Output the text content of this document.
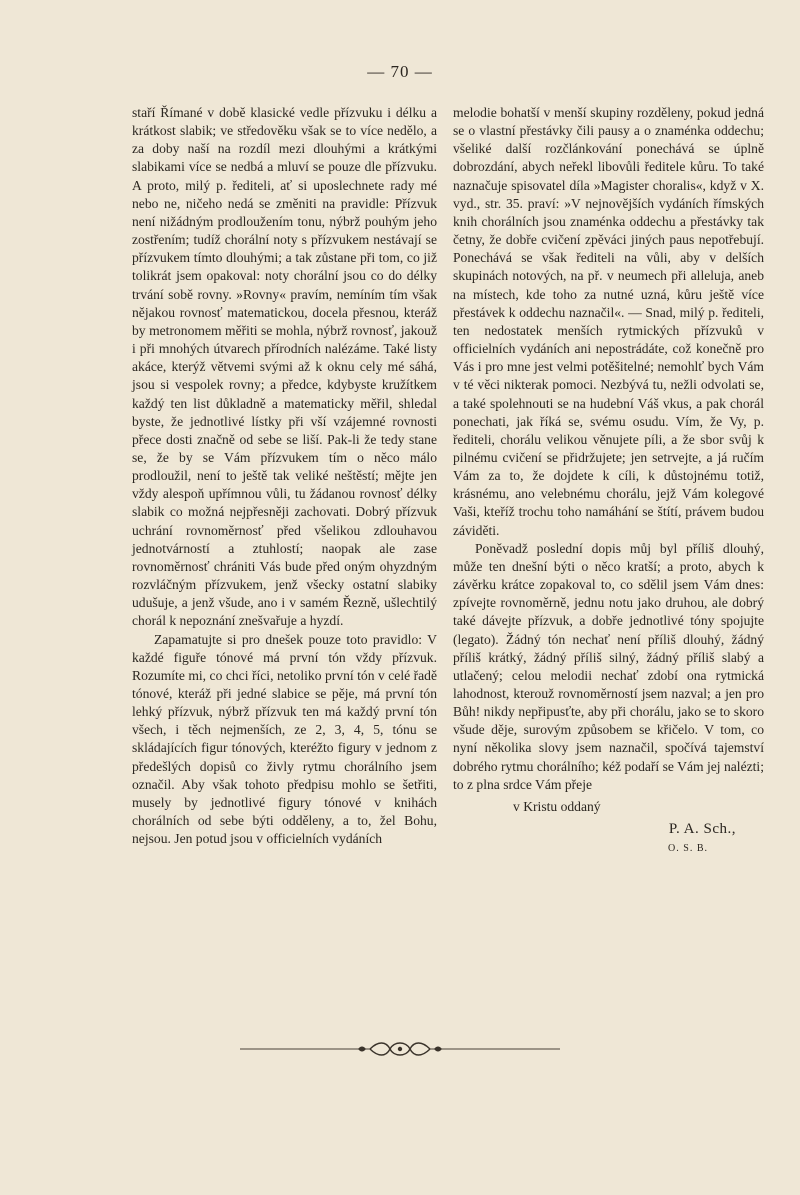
— 70 —

staří Římané v době klasické vedle přízvuku i délku a krátkost slabik; ve středověku však se to více nedělo, a za doby naší na rozdíl mezi dlouhými a krátkými slabikami více se nedbá a mluví se pouze dle přízvuku. A proto, milý p. řediteli, ať si uposlechnete rady mé nebo ne, ničeho nedá se změniti na pravidle: Přízvuk není nižádným prodloužením tonu, nýbrž pouhým jeho zostřením; tudíž chorální noty s přízvukem nestávají se přízvukem tímto dlouhými; a tak zůstane při tom, co již tolikrát jsem opakoval: noty chorální jsou co do délky trvání sobě rovny. »Rovny« pravím, nemíním tím však nějakou rovnosť matematickou, docela přesnou, kteráž by metronomem měřiti se mohla, nýbrž rovnosť, jakouž i při mnohých útvarech přírodních nalézáme. Také listy akáce, kterýž větvemi svými až k oknu cely mé sáhá, jsou si vespolek rovny; a předce, kdybyste kružítkem každý ten list důkladně a matematicky měřil, shledal byste, že jednotlivé lístky při vší vzájemné rovnosti přece dosti značně od sebe se liší. Pak-li že tedy stane se, že by se Vám přízvukem tím o něco málo prodloužil, není to ještě tak veliké neštěstí; mějte jen vždy alespoň upřímnou vůli, tu žádanou rovnosť délky slabik co možná nejpřesněji zachovati. Dobrý přízvuk uchrání rovnoměrnosť před všelikou zdlouhavou jednotvárností a ztuhlostí; naopak ale zase rovnoměrnosť chrániti Vás bude před oným ohyzdným rozvláčným přízvukem, jenž všecky ostatní slabiky udušuje, a jenž všude, ano i v samém Řezně, ušlechtilý chorál k nepoznání znešvařuje a hyzdí.

Zapamatujte si pro dnešek pouze toto pravidlo: V každé figuře tónové má první tón vždy přízvuk. Rozumíte mi, co chci říci, netoliko první tón v celé řadě tónové, kteráž při jedné slabice se pěje, má první tón lehký přízvuk, nýbrž přízvuk ten má každý první tón všech, i těch nejmenších, ze 2, 3, 4, 5, tónu se skládajících figur tónových, kteréžto figury v jednom z předešlých dopisů co živly rytmu chorálního jsem označil. Aby však tohoto předpisu mohlo se šetřiti, musely by jednotlivé figury tónové v knihách chorálních od sebe býti odděleny, a to, žel Bohu, nejsou. Jen potud jsou v officielních vydáních

melodie bohatší v menší skupiny rozděleny, pokud jedná se o vlastní přestávky čili pausy a o znaménka oddechu; všeliké další rozčlánkování ponechává se úplně dobrozdání, abych neřekl libovůli ředitele kůru. To také naznačuje spisovatel díla »Magister choralis«, když v X. vyd., str. 35. praví: »V nejnovějších vydáních římských knih chorálních jsou znaménka oddechu a přestávky tak četny, že dobře cvičení zpěváci jiných paus nepotřebují. Ponechává se však řediteli na vůli, aby v delších skupinách notových, na př. v neumech při alleluja, aneb na místech, kde toho za nutné uzná, kůru ještě více přestávek k oddechu naznačil«. — Snad, milý p. řediteli, ten nedostatek menších rytmických přízvuků v officielních vydáních ani nepostrádáte, což konečně pro Vás i pro mne jest velmi potěšitelné; nemohlť bych Vám v té věci nikterak pomoci. Nezbývá tu, nežli odvolati se, a také spolehnouti se na hudební Váš vkus, a pak chorál ponechati, jak říká se, svému osudu. Vím, že Vy, p. řediteli, chorálu velikou věnujete píli, a že sbor svůj k pilnému cvičení se přidržujete; jen setrvejte, a já ručím Vám za to, že dojdete k cíli, k důstojnému totiž, krásnému, ano velebnému chorálu, jejž Vám kolegové Vaši, kteříž trochu toho namáhání se štítí, právem budou záviděti.

Poněvadž poslední dopis můj byl příliš dlouhý, může ten dnešní býti o něco kratší; a proto, abych k závěrku krátce zopakoval to, co sdělil jsem Vám dnes: zpívejte rovnoměrně, jednu notu jako druhou, ale dobrý také dávejte přízvuk, a dobře jednotlivé tóny spojujte (legato). Žádný tón nechať není příliš dlouhý, žádný příliš krátký, žádný příliš silný, žádný příliš slabý a utlačený; celou melodii nechať zdobí ona rytmická lahodnost, kterouž rovnoměrností jsem nazval; a jen pro Bůh! nikdy nepřipusťte, aby při chorálu, jako se to skoro všude děje, surovým způsobem se křičelo. V tom, co nyní několika slovy jsem naznačil, spočívá tajemství dobrého rytmu chorálního; kéž podaří se Vám jej nalézti; to z plna srdce Vám přeje

v Kristu oddaný
P. A. Sch.,
O. S. B.
